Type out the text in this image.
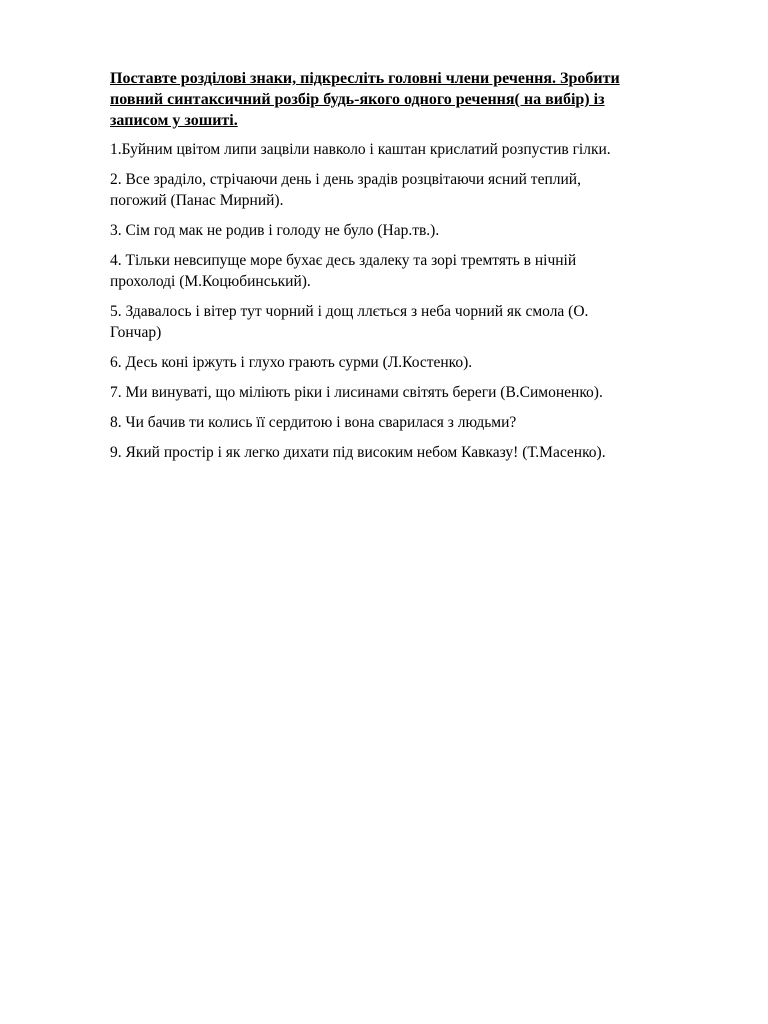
Поставте розділові знаки, підкресліть головні члени речення. Зробити
повний синтаксичний розбір будь-якого одного речення( на вибір) із
записом у зошиті.
1.Буйним цвітом липи зацвіли навколо і каштан крислатий розпустив гілки.
2. Все зраділо, стрічаючи день і день зрадів розцвітаючи ясний теплий,
погожий (Панас Мирний).
3. Сім год мак не родив і голоду не було (Нар.тв.).
4. Тільки невсипуще море бухає десь здалеку та зорі тремтять в нічній
прохолоді (М.Коцюбинський).
5. Здавалось і вітер тут чорний і дощ ллється з неба чорний як смола (О.
Гончар)
6. Десь коні іржуть і глухо грають сурми (Л.Костенко).
7. Ми винуваті, що міліють ріки і лисинами світять береги (В.Симоненко).
8. Чи бачив ти колись її сердитою і вона сварилася з людьми?
9. Який простір і як легко дихати під високим небом Кавказу! (Т.Масенко).
